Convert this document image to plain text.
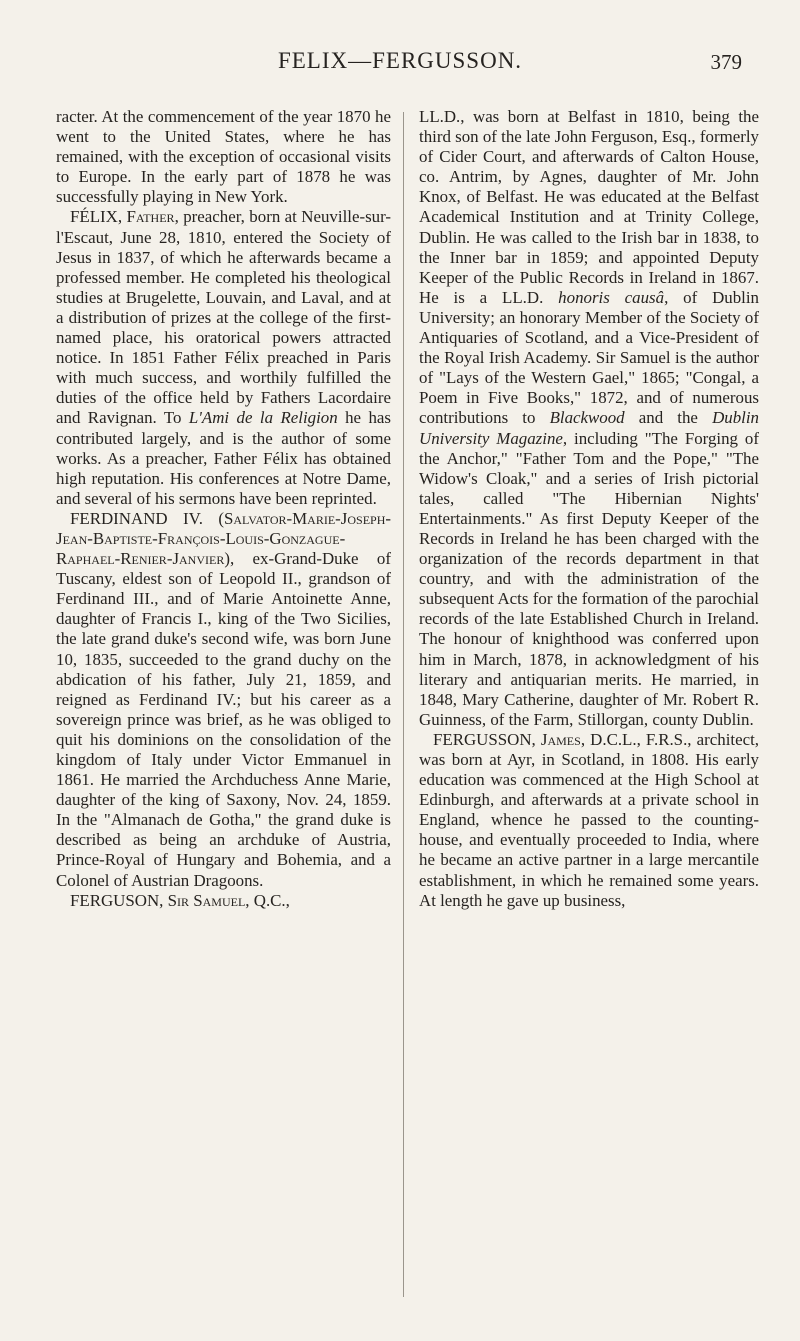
FELIX—FERGUSSON.	379

racter. At the commencement of the year 1870 he went to the United States, where he has remained, with the exception of occasional visits to Europe. In the early part of 1878 he was successfully playing in New York.

FÉLIX, Father, preacher, born at Neuville-sur-l'Escaut, June 28, 1810, entered the Society of Jesus in 1837, of which he afterwards became a professed member. He completed his theological studies at Brugelette, Louvain, and Laval, and at a distribution of prizes at the college of the first-named place, his oratorical powers attracted notice. In 1851 Father Félix preached in Paris with much success, and worthily fulfilled the duties of the office held by Fathers Lacordaire and Ravignan. To L'Ami de la Religion he has contributed largely, and is the author of some works. As a preacher, Father Félix has obtained high reputation. His conferences at Notre Dame, and several of his sermons have been reprinted.

FERDINAND IV. (Salvator-Marie-Joseph-Jean-Baptiste-François-Louis-Gonzague-Raphael-Renier-Janvier), ex-Grand-Duke of Tuscany, eldest son of Leopold II., grandson of Ferdinand III., and of Marie Antoinette Anne, daughter of Francis I., king of the Two Sicilies, the late grand duke's second wife, was born June 10, 1835, succeeded to the grand duchy on the abdication of his father, July 21, 1859, and reigned as Ferdinand IV.; but his career as a sovereign prince was brief, as he was obliged to quit his dominions on the consolidation of the kingdom of Italy under Victor Emmanuel in 1861. He married the Archduchess Anne Marie, daughter of the king of Saxony, Nov. 24, 1859. In the "Almanach de Gotha," the grand duke is described as being an archduke of Austria, Prince-Royal of Hungary and Bohemia, and a Colonel of Austrian Dragoons.

FERGUSON, Sir Samuel, Q.C.,

LL.D., was born at Belfast in 1810, being the third son of the late John Ferguson, Esq., formerly of Cider Court, and afterwards of Calton House, co. Antrim, by Agnes, daughter of Mr. John Knox, of Belfast. He was educated at the Belfast Academical Institution and at Trinity College, Dublin. He was called to the Irish bar in 1838, to the Inner bar in 1859; and appointed Deputy Keeper of the Public Records in Ireland in 1867. He is a LL.D. honoris causâ, of Dublin University; an honorary Member of the Society of Antiquaries of Scotland, and a Vice-President of the Royal Irish Academy. Sir Samuel is the author of "Lays of the Western Gael," 1865; "Congal, a Poem in Five Books," 1872, and of numerous contributions to Blackwood and the Dublin University Magazine, including "The Forging of the Anchor," "Father Tom and the Pope," "The Widow's Cloak," and a series of Irish pictorial tales, called "The Hibernian Nights' Entertainments." As first Deputy Keeper of the Records in Ireland he has been charged with the organization of the records department in that country, and with the administration of the subsequent Acts for the formation of the parochial records of the late Established Church in Ireland. The honour of knighthood was conferred upon him in March, 1878, in acknowledgment of his literary and antiquarian merits. He married, in 1848, Mary Catherine, daughter of Mr. Robert R. Guinness, of the Farm, Stillorgan, county Dublin.

FERGUSSON, James, D.C.L., F.R.S., architect, was born at Ayr, in Scotland, in 1808. His early education was commenced at the High School at Edinburgh, and afterwards at a private school in England, whence he passed to the counting-house, and eventually proceeded to India, where he became an active partner in a large mercantile establishment, in which he remained some years. At length he gave up business,
